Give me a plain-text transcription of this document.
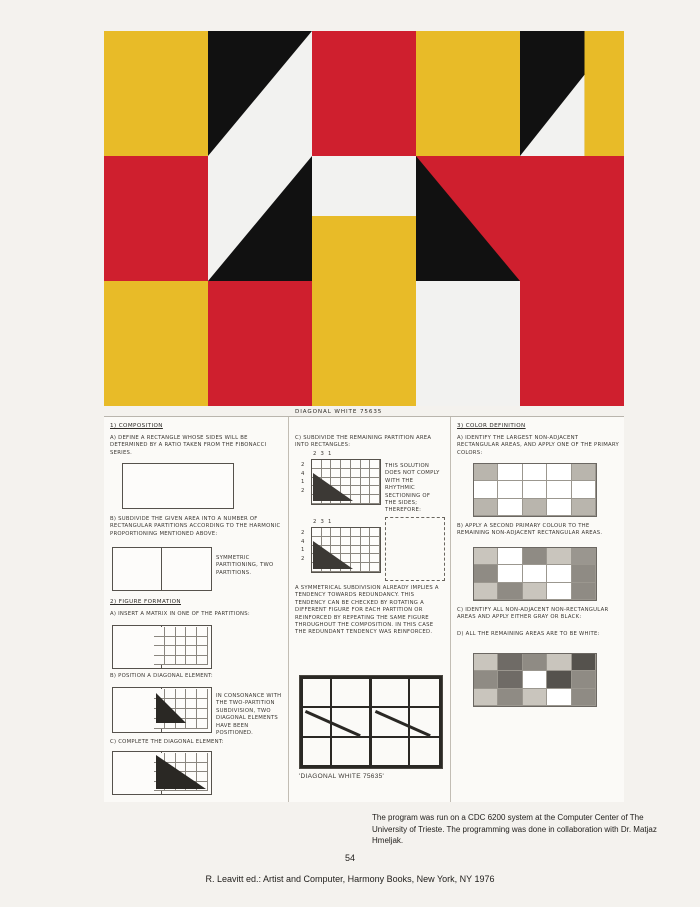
1) COMPOSITION
A) DEFINE A RECTANGLE WHOSE SIDES WILL BE DETERMINED BY A RATIO TAKEN FROM THE FIBONACCI SERIES.
B) SUBDIVIDE THE GIVEN AREA INTO A NUMBER OF RECTANGULAR PARTITIONS ACCORDING TO THE HARMONIC PROPORTIONING MENTIONED ABOVE:
SYMMETRIC PARTITIONING, TWO PARTITIONS.
2) FIGURE FORMATION
A) INSERT A MATRIX IN ONE OF THE PARTITIONS:
B) POSITION A DIAGONAL ELEMENT:
IN CONSONANCE WITH THE TWO-PARTITION SUBDIVISION, TWO DIAGONAL ELEMENTS HAVE BEEN POSITIONED.
C) COMPLETE THE DIAGONAL ELEMENT:
DIAGONAL WHITE 75635
C) SUBDIVIDE THE REMAINING PARTITION AREA INTO RECTANGLES:
2
4
1
2
2  3  1
THIS SOLUTION DOES NOT COMPLY WITH THE RHYTHMIC SECTIONING OF THE SIDES; THEREFORE:
2
4
1
2
2  3  1
A SYMMETRICAL SUBDIVISION ALREADY IMPLIES A TENDENCY TOWARDS REDUNDANCY. THIS TENDENCY CAN BE CHECKED BY ROTATING A DIFFERENT FIGURE FOR EACH PARTITION OR REINFORCED BY REPEATING THE SAME FIGURE THROUGHOUT THE COMPOSITION. IN THIS CASE THE REDUNDANT TENDENCY WAS REINFORCED.
'DIAGONAL WHITE 75635'
3) COLOR DEFINITION
A) IDENTIFY THE LARGEST NON-ADJACENT RECTANGULAR AREAS, AND APPLY ONE OF THE PRIMARY COLORS:
B) APPLY A SECOND PRIMARY COLOUR TO THE REMAINING NON-ADJACENT RECTANGULAR AREAS.
C) IDENTIFY ALL NON-ADJACENT NON-RECTANGULAR AREAS AND APPLY EITHER GRAY OR BLACK:
D) ALL THE REMAINING AREAS ARE TO BE WHITE:
The program was run on a CDC 6200 system at the Computer Center of The University of Trieste. The programming was done in collaboration with Dr. Matjaz Hmeljak.
54
R. Leavitt ed.: Artist and Computer, Harmony Books, New York, NY 1976
